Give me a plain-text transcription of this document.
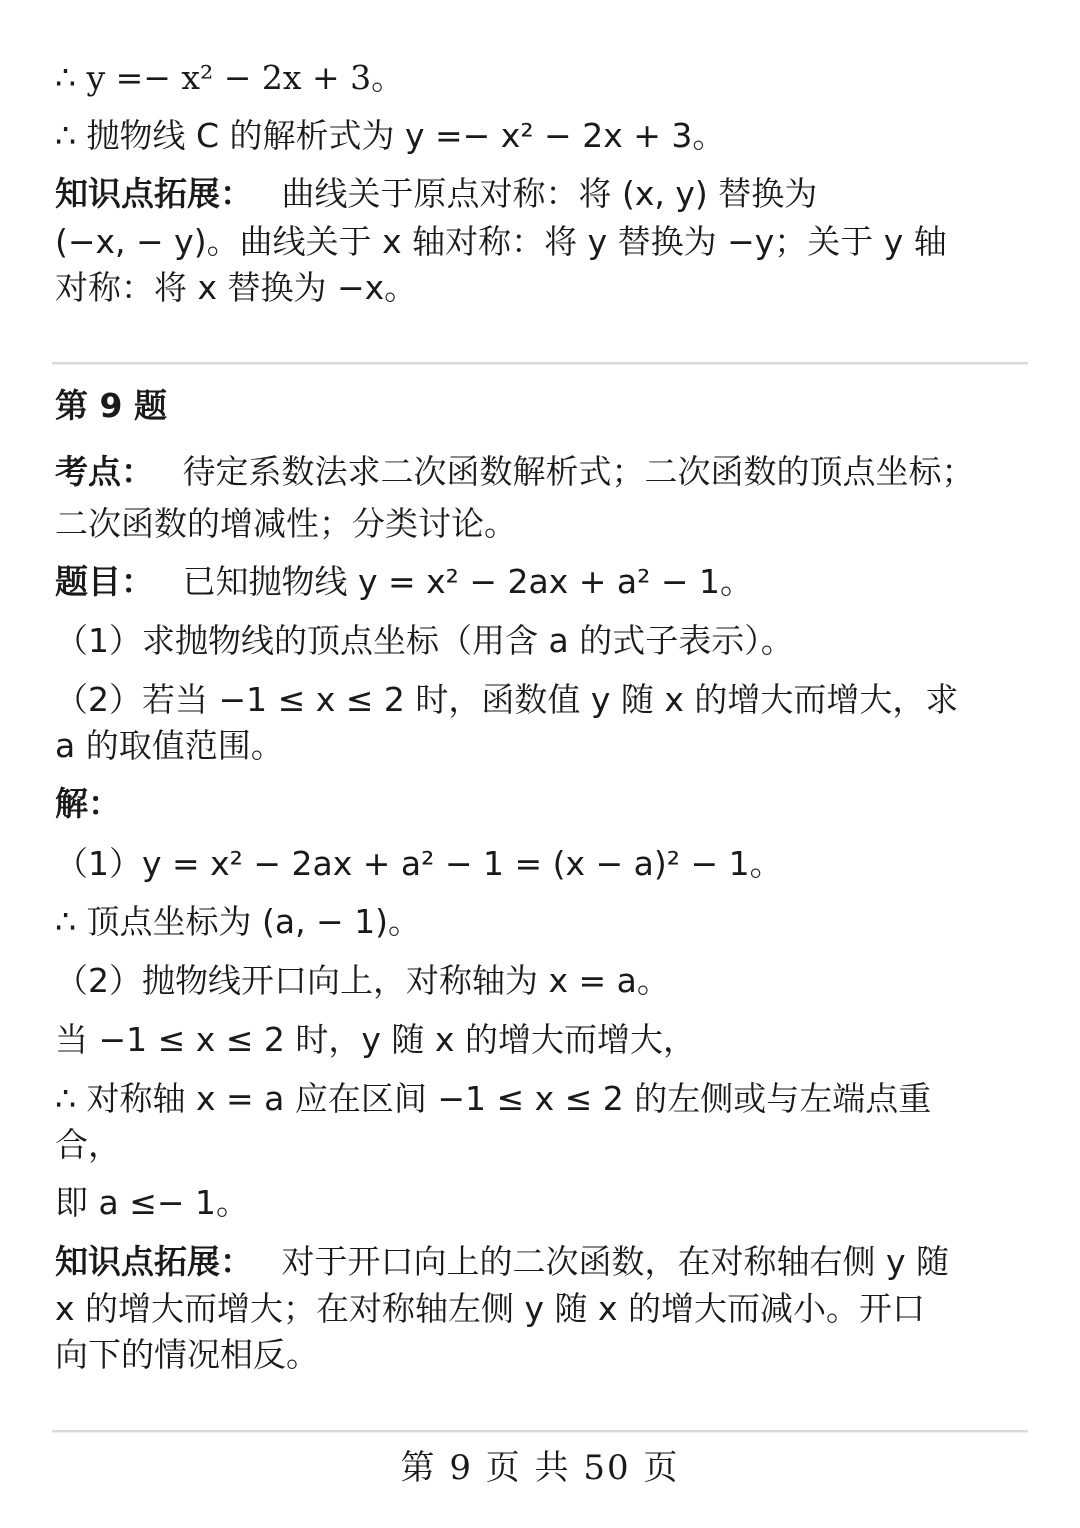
∴ y =− x² − 2x + 3。
∴ 抛物线 C 的解析式为 y =− x² − 2x + 3。
知识点拓展： 曲线关于原点对称：将 (x, y) 替换为
(−x, − y)。曲线关于 x 轴对称：将 y 替换为 −y；关于 y 轴
对称：将 x 替换为 −x。
第 9 题
考点： 待定系数法求二次函数解析式；二次函数的顶点坐标；
二次函数的增减性；分类讨论。
题目： 已知抛物线 y = x² − 2ax + a² − 1。
（1）求抛物线的顶点坐标（用含 a 的式子表示）。
（2）若当 −1 ≤ x ≤ 2 时，函数值 y 随 x 的增大而增大，求
a 的取值范围。
解：
（1）y = x² − 2ax + a² − 1 = (x − a)² − 1。
∴ 顶点坐标为 (a, − 1)。
（2）抛物线开口向上，对称轴为 x = a。
当 −1 ≤ x ≤ 2 时，y 随 x 的增大而增大，
∴ 对称轴 x = a 应在区间 −1 ≤ x ≤ 2 的左侧或与左端点重
合，
即 a ≤− 1。
知识点拓展： 对于开口向上的二次函数，在对称轴右侧 y 随
x 的增大而增大；在对称轴左侧 y 随 x 的增大而减小。开口
向下的情况相反。
第 9 页 共 50 页
